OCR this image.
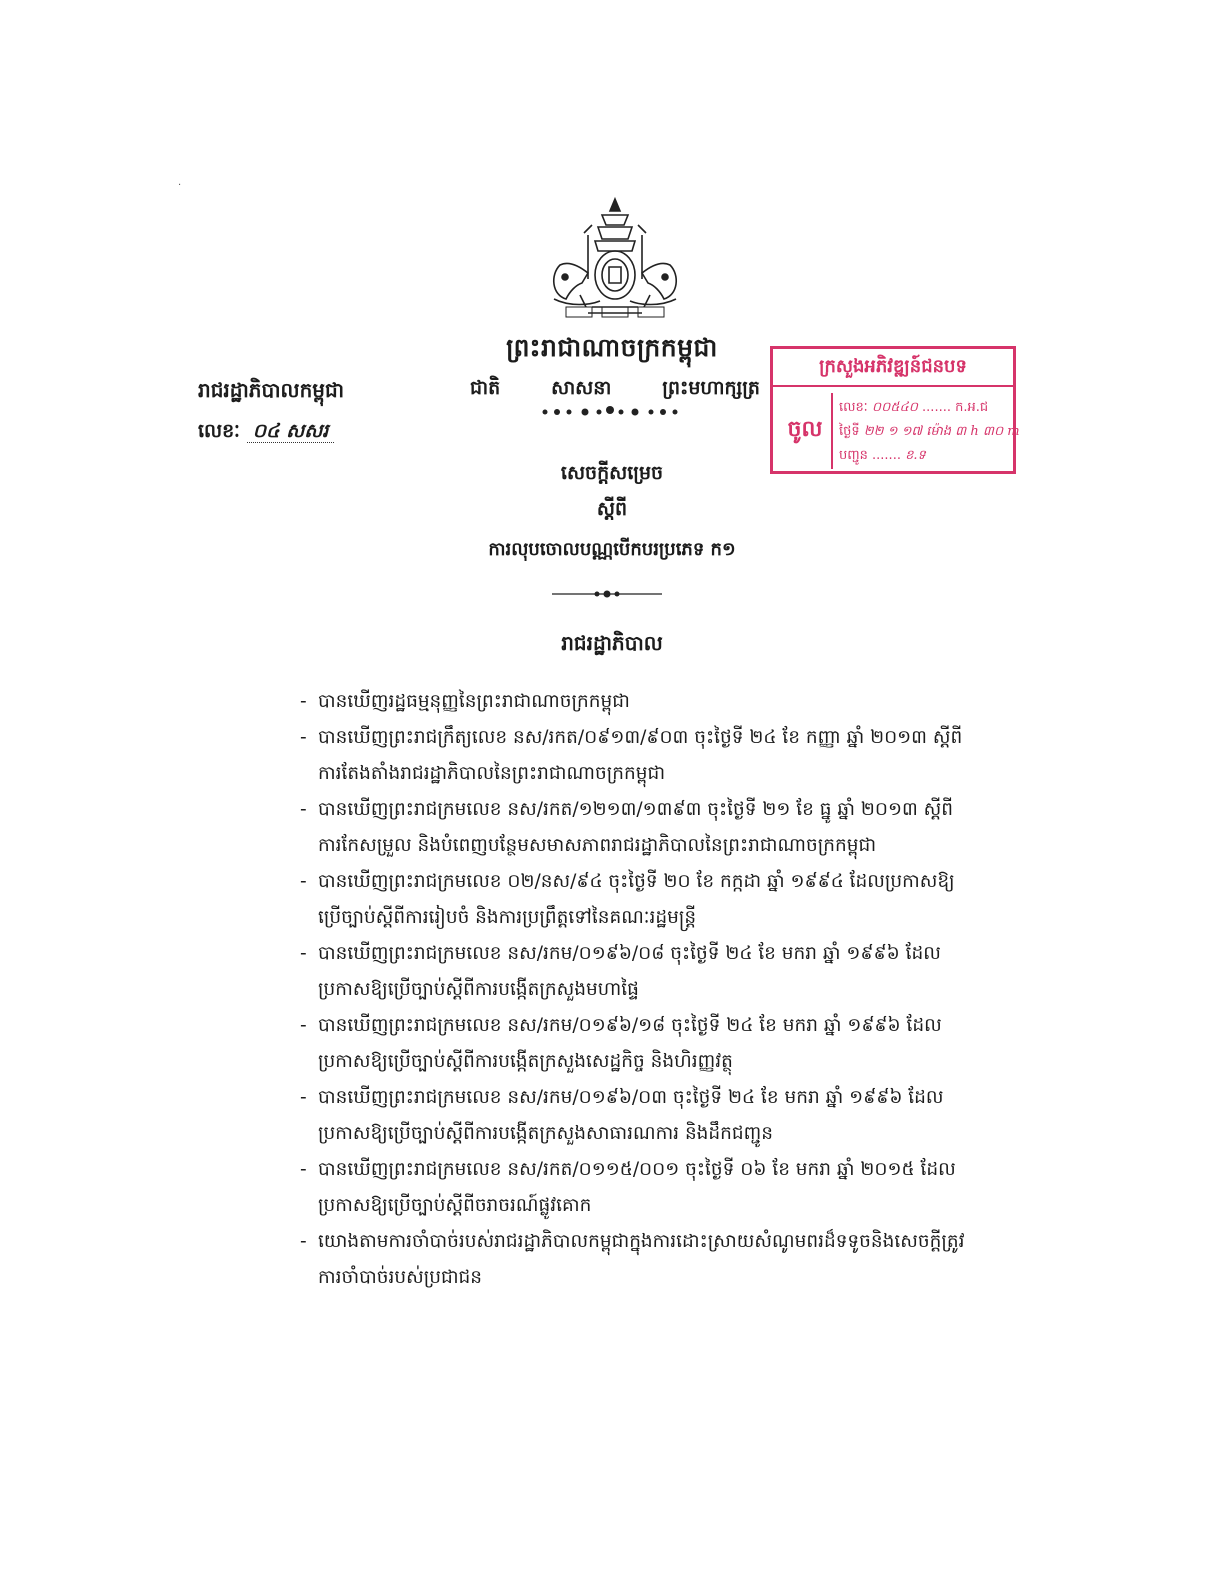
·
ព្រះរាជាណាចក្រកម្ពុជា
ជាតិ	សាសនា	ព្រះមហាក្សត្រ
រាជរដ្ឋាភិបាលកម្ពុជា
លេខៈ ០៤ សសរ
ក្រសួងអភិវឌ្ឍន៍ជនបទ
ចូល
លេខៈ ០០៥៤០ ....... ក.អ.ជ
ថ្ងៃទី ២២ ១ ១៧ ម៉ោង ៣ h ៣០ m
បញ្ជូន ....... ខ.ទ
សេចក្តីសម្រេច
ស្តីពី
ការលុបចោលបណ្ណបើកបរប្រភេទ ក១
រាជរដ្ឋាភិបាល
- បានឃើញរដ្ឋធម្មនុញ្ញនៃព្រះរាជាណាចក្រកម្ពុជា
- បានឃើញព្រះរាជក្រឹត្យលេខ នស/រកត/០៩១៣/៩០៣ ចុះថ្ងៃទី ២៤ ខែ កញ្ញា ឆ្នាំ ២០១៣ ស្តីពី ការតែងតាំងរាជរដ្ឋាភិបាលនៃព្រះរាជាណាចក្រកម្ពុជា
- បានឃើញព្រះរាជក្រមលេខ នស/រកត/១២១៣/១៣៩៣ ចុះថ្ងៃទី ២១ ខែ ធ្នូ ឆ្នាំ ២០១៣ ស្តីពីការកែសម្រួល និងបំពេញបន្ថែមសមាសភាពរាជរដ្ឋាភិបាលនៃព្រះរាជាណាចក្រកម្ពុជា
- បានឃើញព្រះរាជក្រមលេខ ០២/នស/៩៤ ចុះថ្ងៃទី ២០ ខែ កក្កដា ឆ្នាំ ១៩៩៤ ដែលប្រកាសឱ្យប្រើច្បាប់ស្តីពីការរៀបចំ និងការប្រព្រឹត្តទៅនៃគណៈរដ្ឋមន្ត្រី
- បានឃើញព្រះរាជក្រមលេខ នស/រកម/០១៩៦/០៨ ចុះថ្ងៃទី ២៤ ខែ មករា ឆ្នាំ ១៩៩៦ ដែលប្រកាសឱ្យប្រើច្បាប់ស្តីពីការបង្កើតក្រសួងមហាផ្ទៃ
- បានឃើញព្រះរាជក្រមលេខ នស/រកម/០១៩៦/១៨ ចុះថ្ងៃទី ២៤ ខែ មករា ឆ្នាំ ១៩៩៦ ដែលប្រកាសឱ្យប្រើច្បាប់ស្តីពីការបង្កើតក្រសួងសេដ្ឋកិច្ច និងហិរញ្ញវត្ថុ
- បានឃើញព្រះរាជក្រមលេខ នស/រកម/០១៩៦/០៣ ចុះថ្ងៃទី ២៤ ខែ មករា ឆ្នាំ ១៩៩៦ ដែលប្រកាសឱ្យប្រើច្បាប់ស្តីពីការបង្កើតក្រសួងសាធារណការ និងដឹកជញ្ជូន
- បានឃើញព្រះរាជក្រមលេខ នស/រកត/០១១៥/០០១ ចុះថ្ងៃទី ០៦ ខែ មករា ឆ្នាំ ២០១៥ ដែលប្រកាសឱ្យប្រើច្បាប់ស្តីពីចរាចរណ៍ផ្លូវគោក
- យោងតាមការចាំបាច់របស់រាជរដ្ឋាភិបាលកម្ពុជាក្នុងការដោះស្រាយសំណូមពរដ៏ទទូចនិងសេចក្តីត្រូវការចាំបាច់របស់ប្រជាជន
